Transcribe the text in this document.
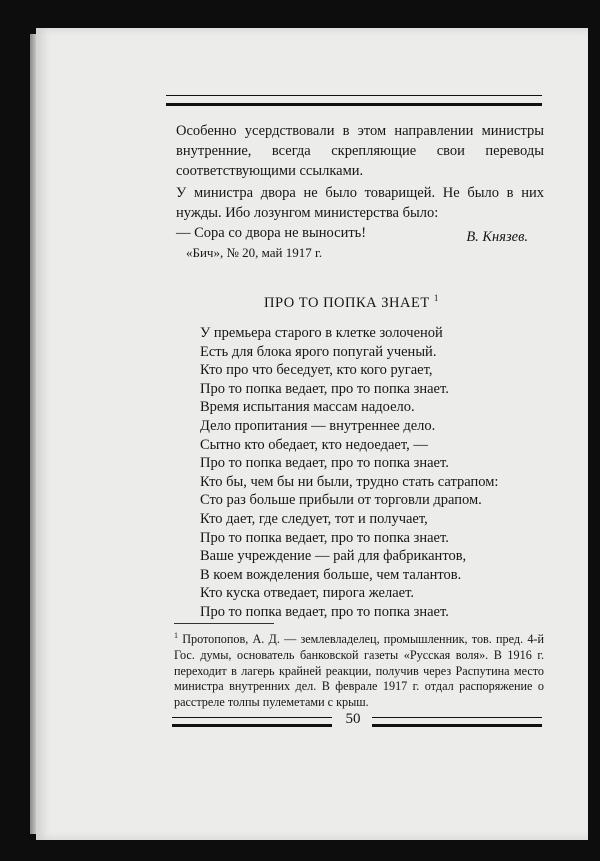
Особенно усердствовали в этом направлении министры внутренние, всегда скрепляющие свои переводы соответствующими ссылками.

У министра двора не было товарищей. Не было в них нужды. Ибо лозунгом министерства было:

— Сора со двора не выносить!	В. Князев.
«Бич», № 20, май 1917 г.
ПРО ТО ПОПКА ЗНАЕТ $^1$
У премьера старого в клетке золоченой
Есть для блока ярого попугай ученый.
Кто про что беседует, кто кого ругает,
Про то попка ведает, про то попка знает.
Время испытания массам надоело.
Дело пропитания — внутреннее дело.
Сытно кто обедает, кто недоедает, —
Про то попка ведает, про то попка знает.
Кто бы, чем бы ни были, трудно стать сатрапом:
Сто раз больше прибыли от торговли драпом.
Кто дает, где следует, тот и получает,
Про то попка ведает, про то попка знает.
Ваше учреждение — рай для фабрикантов,
В коем вожделения больше, чем талантов.
Кто куска отведает, пирога желает.
Про то попка ведает, про то попка знает.
$^1$ Протопопов, А. Д. — землевладелец, промышленник, тов. пред. 4-й Гос. думы, основатель банковской газеты «Русская воля». В 1916 г. переходит в лагерь крайней реакции, получив через Распутина место министра внутренних дел. В феврале 1917 г. отдал распоряжение о расстреле толпы пулеметами с крыш.
50
